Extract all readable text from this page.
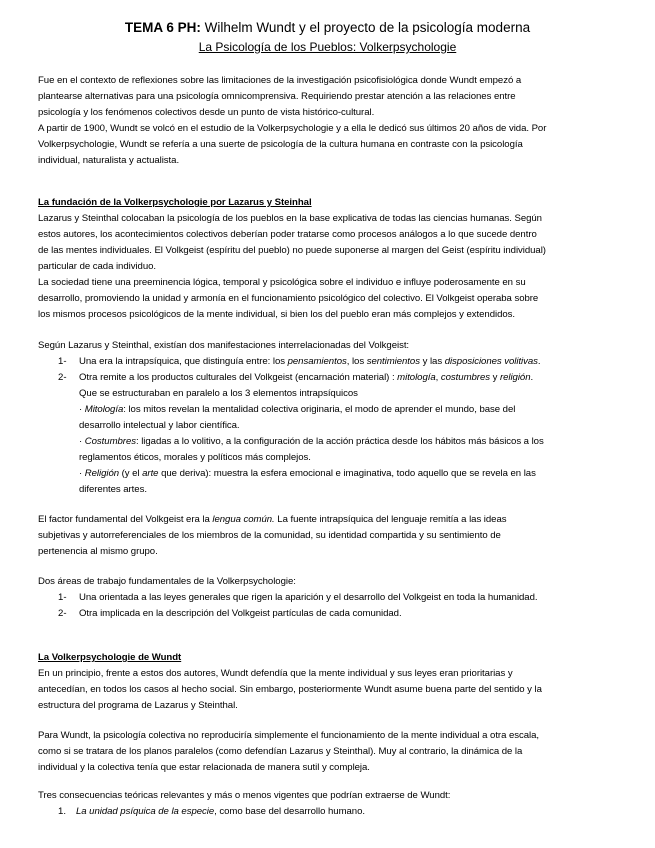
TEMA 6 PH: Wilhelm Wundt y el proyecto de la psicología moderna
La Psicología de los Pueblos: Volkerpsychologie
Fue en el contexto de reflexiones sobre las limitaciones de la investigación psicofisiológica donde Wundt empezó a
plantearse alternativas para una psicología omnicomprensiva. Requiriendo prestar atención a las relaciones entre
psicología y los fenómenos colectivos desde un punto de vista histórico-cultural.
A partir de 1900, Wundt se volcó en el estudio de la Volkerpsychologie y a ella le dedicó sus últimos 20 años de vida. Por
Volkerpsychologie, Wundt se refería a una suerte de psicología de la cultura humana en contraste con la psicología
individual, naturalista y actualista.
La fundación de la Volkerpsychologie por Lazarus y Steinhal
Lazarus y Steinthal colocaban la psicología de los pueblos en la base explicativa de todas las ciencias humanas. Según
estos autores, los acontecimientos colectivos deberían poder tratarse como procesos análogos a lo que sucede dentro
de las mentes individuales. El Volkgeist (espíritu del pueblo) no puede suponerse al margen del Geist (espíritu individual)
particular de cada individuo.
La sociedad tiene una preeminencia lógica, temporal y psicológica sobre el individuo e influye poderosamente en su
desarrollo, promoviendo la unidad y armonía en el funcionamiento psicológico del colectivo. El Volkgeist operaba sobre
los mismos procesos psicológicos de la mente individual, si bien los del pueblo eran más complejos y extendidos.
Según Lazarus y Steinthal, existían dos manifestaciones interrelacionadas del Volkgeist:
1- Una era la intrapsíquica, que distinguía entre: los pensamientos, los sentimientos y las disposiciones volitivas.
2- Otra remite a los productos culturales del Volkgeist (encarnación material) : mitología, costumbres y religión.
Que se estructuraban en paralelo a los 3 elementos intrapsíquicos
· Mitología: los mitos revelan la mentalidad colectiva originaria, el modo de aprender el mundo, base del
desarrollo intelectual y labor científica.
· Costumbres: ligadas a lo volitivo, a la configuración de la acción práctica desde los hábitos más básicos a los
reglamentos éticos, morales y políticos más complejos.
· Religión (y el arte que deriva): muestra la esfera emocional e imaginativa, todo aquello que se revela en las
diferentes artes.
El factor fundamental del Volkgeist era la lengua común. La fuente intrapsíquica del lenguaje remitía a las ideas
subjetivas y autorreferenciales de los miembros de la comunidad, su identidad compartida y su sentimiento de
pertenencia al mismo grupo.
Dos áreas de trabajo fundamentales de la Volkerpsychologie:
1- Una orientada a las leyes generales que rigen la aparición y el desarrollo del Volkgeist en toda la humanidad.
2- Otra implicada en la descripción del Volkgeist partículas de cada comunidad.
La Volkerpsychologie de Wundt
En un principio, frente a estos dos autores, Wundt defendía que la mente individual y sus leyes eran prioritarias y
antecedían, en todos los casos al hecho social. Sin embargo, posteriormente Wundt asume buena parte del sentido y la
estructura del programa de Lazarus y Steinthal.
Para Wundt, la psicología colectiva no reproduciría simplemente el funcionamiento de la mente individual a otra escala,
como si se tratara de los planos paralelos (como defendían Lazarus y Steinthal). Muy al contrario, la dinámica de la
individual y la colectiva tenía que estar relacionada de manera sutil y compleja.
Tres consecuencias teóricas relevantes y más o menos vigentes que podrían extraerse de Wundt:
1. La unidad psíquica de la especie, como base del desarrollo humano.
